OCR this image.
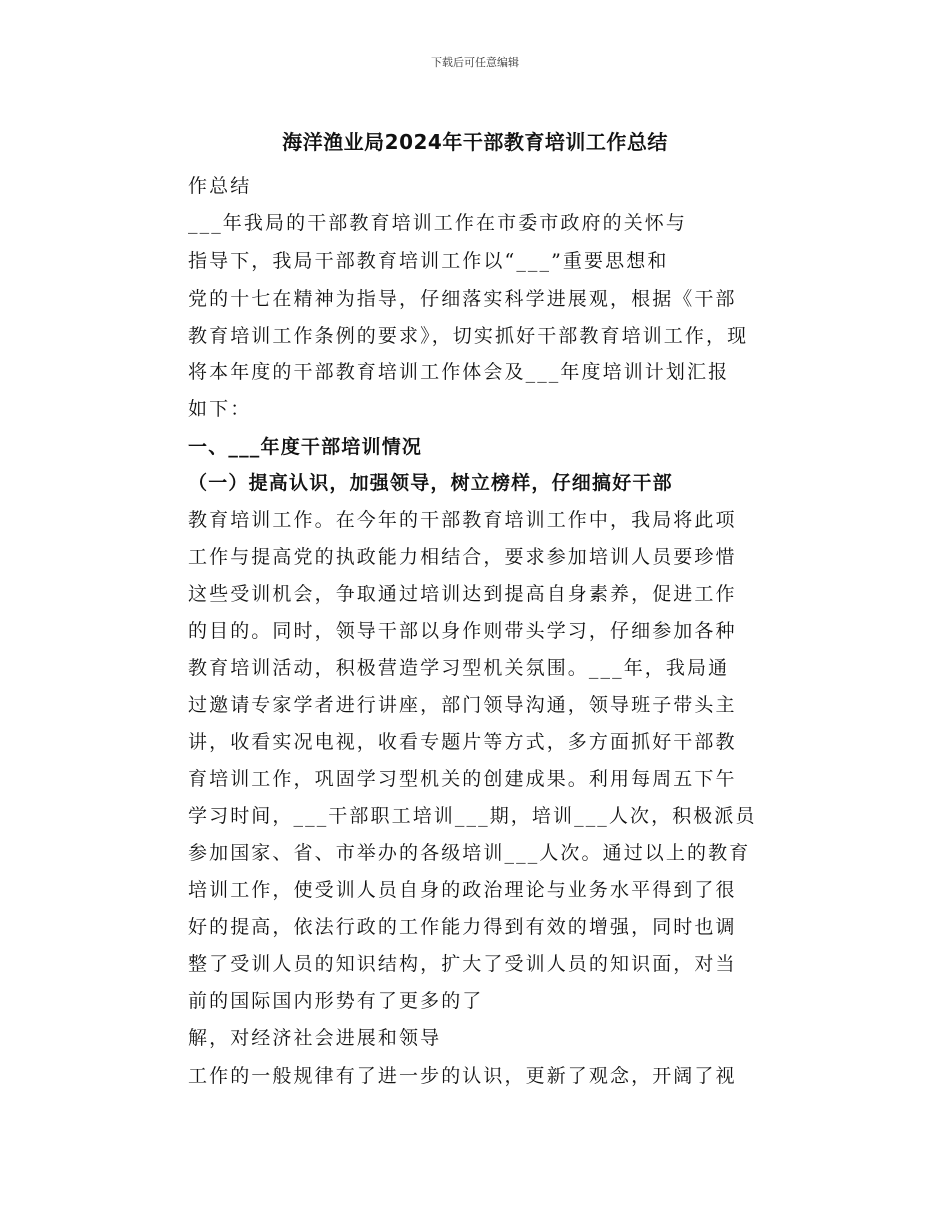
下载后可任意编辑
海洋渔业局2024年干部教育培训工作总结
作总结
___年我局的干部教育培训工作在市委市政府的关怀与
指导下，我局干部教育培训工作以“___”重要思想和
党的十七在精神为指导，仔细落实科学进展观，根据《干部
教育培训工作条例的要求》，切实抓好干部教育培训工作，现
将本年度的干部教育培训工作体会及___年度培训计划汇报
如下：
一、___年度干部培训情况
（一）提高认识，加强领导，树立榜样，仔细搞好干部
教育培训工作。在今年的干部教育培训工作中，我局将此项
工作与提高党的执政能力相结合，要求参加培训人员要珍惜
这些受训机会，争取通过培训达到提高自身素养，促进工作
的目的。同时，领导干部以身作则带头学习，仔细参加各种
教育培训活动，积极营造学习型机关氛围。___年，我局通
过邀请专家学者进行讲座，部门领导沟通，领导班子带头主
讲，收看实况电视，收看专题片等方式，多方面抓好干部教
育培训工作，巩固学习型机关的创建成果。利用每周五下午
学习时间，___干部职工培训___期，培训___人次，积极派员
参加国家、省、市举办的各级培训___人次。通过以上的教育
培训工作，使受训人员自身的政治理论与业务水平得到了很
好的提高，依法行政的工作能力得到有效的增强，同时也调
整了受训人员的知识结构，扩大了受训人员的知识面，对当
前的国际国内形势有了更多的了
解，对经济社会进展和领导
工作的一般规律有了进一步的认识，更新了观念，开阔了视
